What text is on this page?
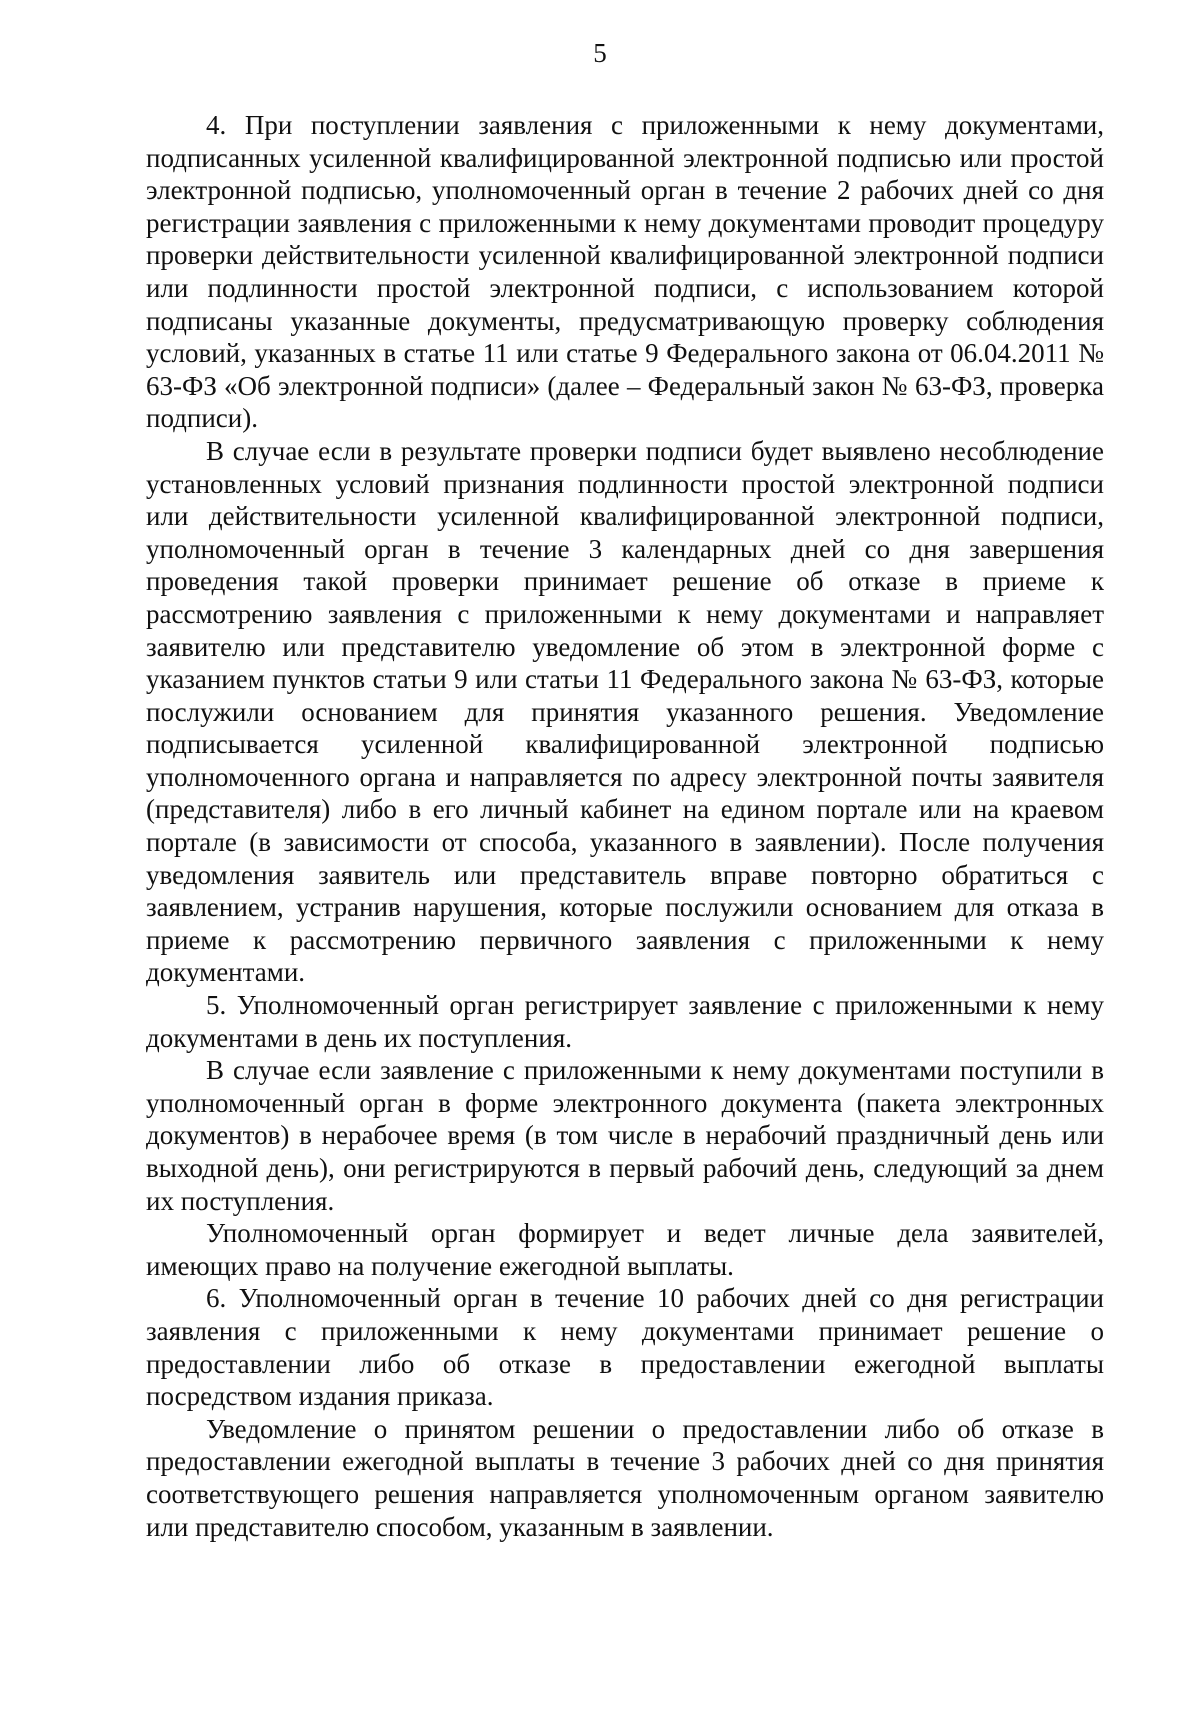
5

4. При поступлении заявления с приложенными к нему документами, подписанных усиленной квалифицированной электронной подписью или простой электронной подписью, уполномоченный орган в течение 2 рабочих дней со дня регистрации заявления с приложенными к нему документами проводит процедуру проверки действительности усиленной квалифицированной электронной подписи или подлинности простой электронной подписи, с использованием которой подписаны указанные документы, предусматривающую проверку соблюдения условий, указанных в статье 11 или статье 9 Федерального закона от 06.04.2011 № 63-ФЗ «Об электронной подписи» (далее – Федеральный закон № 63-ФЗ, проверка подписи).

В случае если в результате проверки подписи будет выявлено несоблюдение установленных условий признания подлинности простой электронной подписи или действительности усиленной квалифицированной электронной подписи, уполномоченный орган в течение 3 календарных дней со дня завершения проведения такой проверки принимает решение об отказе в приеме к рассмотрению заявления с приложенными к нему документами и направляет заявителю или представителю уведомление об этом в электронной форме с указанием пунктов статьи 9 или статьи 11 Федерального закона № 63-ФЗ, которые послужили основанием для принятия указанного решения. Уведомление подписывается усиленной квалифицированной электронной подписью уполномоченного органа и направляется по адресу электронной почты заявителя (представителя) либо в его личный кабинет на едином портале или на краевом портале (в зависимости от способа, указанного в заявлении). После получения уведомления заявитель или представитель вправе повторно обратиться с заявлением, устранив нарушения, которые послужили основанием для отказа в приеме к рассмотрению первичного заявления с приложенными к нему документами.

5. Уполномоченный орган регистрирует заявление с приложенными к нему документами в день их поступления.

В случае если заявление с приложенными к нему документами поступили в уполномоченный орган в форме электронного документа (пакета электронных документов) в нерабочее время (в том числе в нерабочий праздничный день или выходной день), они регистрируются в первый рабочий день, следующий за днем их поступления.

Уполномоченный орган формирует и ведет личные дела заявителей, имеющих право на получение ежегодной выплаты.

6. Уполномоченный орган в течение 10 рабочих дней со дня регистрации заявления с приложенными к нему документами принимает решение о предоставлении либо об отказе в предоставлении ежегодной выплаты посредством издания приказа.

Уведомление о принятом решении о предоставлении либо об отказе в предоставлении ежегодной выплаты в течение 3 рабочих дней со дня принятия соответствующего решения направляется уполномоченным органом заявителю или представителю способом, указанным в заявлении.
